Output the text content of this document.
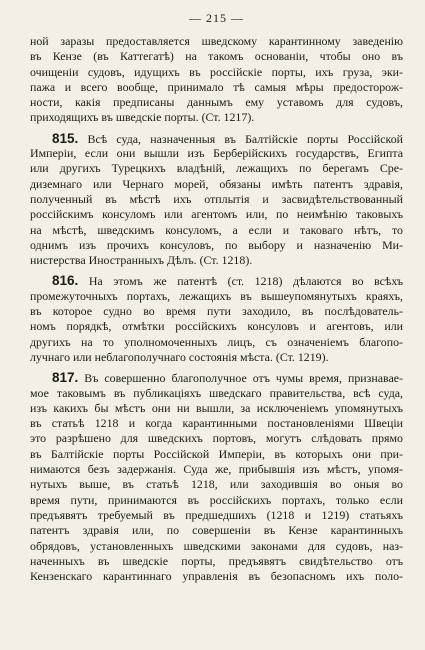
— 215 —
ной заразы предоставляется шведскому карантинному заведенію
въ Кензе (въ Каттегатѣ) на такомъ основаніи, чтобы оно въ
очищеніи судовъ, идущихъ въ россійскіе порты, ихъ груза, эки-
пажа и всего вообще, принимало тѣ самыя мѣры предосторож-
ности, какія предписаны даннымъ ему уставомъ для судовъ,
приходящихъ въ шведскіе порты. (Ст. 1217).
815. Всѣ суда, назначенныя въ Балтійскіе порты Россійской
Имперіи, если они вышли изъ Берберійскихъ государствъ, Египта
или другихъ Турецкихъ владѣній, лежащихъ по берегамъ Сре-
диземнаго или Чернаго морей, обязаны имѣть патентъ здравія,
полученный въ мѣстѣ ихъ отплытія и засвидѣтельствованный
россійскимъ консуломъ или агентомъ или, по неимѣнію таковыхъ
на мѣстѣ, шведскимъ консуломъ, а если и таковаго нѣтъ, то
однимъ изъ прочихъ консуловъ, по выбору и назначенію Ми-
нистерства Иностранныхъ Дѣлъ. (Ст. 1218).
816. На этомъ же патентѣ (ст. 1218) дѣлаются во всѣхъ
промежуточныхъ портахъ, лежащихъ въ вышеупомянутыхъ краяхъ,
въ которое судно во время пути заходило, въ послѣдователь-
номъ порядкѣ, отмѣтки россійскихъ консуловъ и агентовъ, или
другихъ на то уполномоченныхъ лицъ, съ означеніемъ благопо-
лучнаго или неблагополучнаго состоянія мѣста. (Ст. 1219).
817. Въ совершенно благополучное отъ чумы время, признавае-
мое таковымъ въ публикаціяхъ шведскаго правительства, всѣ суда,
изъ какихъ бы мѣстъ они ни вышли, за исключеніемъ упомянутыхъ
въ статьѣ 1218 и когда карантинными постановленіями Швеціи
это разрѣшено для шведскихъ портовъ, могутъ слѣдовать прямо
въ Балтійскіе порты Россійской Имперіи, въ которыхъ они при-
нимаются безъ задержанія. Суда же, прибывшія изъ мѣстъ, упомя-
нутыхъ выше, въ статьѣ 1218, или заходившія во оныя во
время пути, принимаются въ россійскихъ портахъ, только если
предъявятъ требуемый въ предшедшихъ (1218 и 1219) статьяхъ
патентъ здравія или, по совершеніи въ Кензе карантинныхъ
обрядовъ, установленныхъ шведскими законами для судовъ, наз-
наченныхъ въ шведскіе порты, предъявятъ свидѣтельство отъ
Кензенскаго карантиннаго управленія въ безопасномъ ихъ поло-
